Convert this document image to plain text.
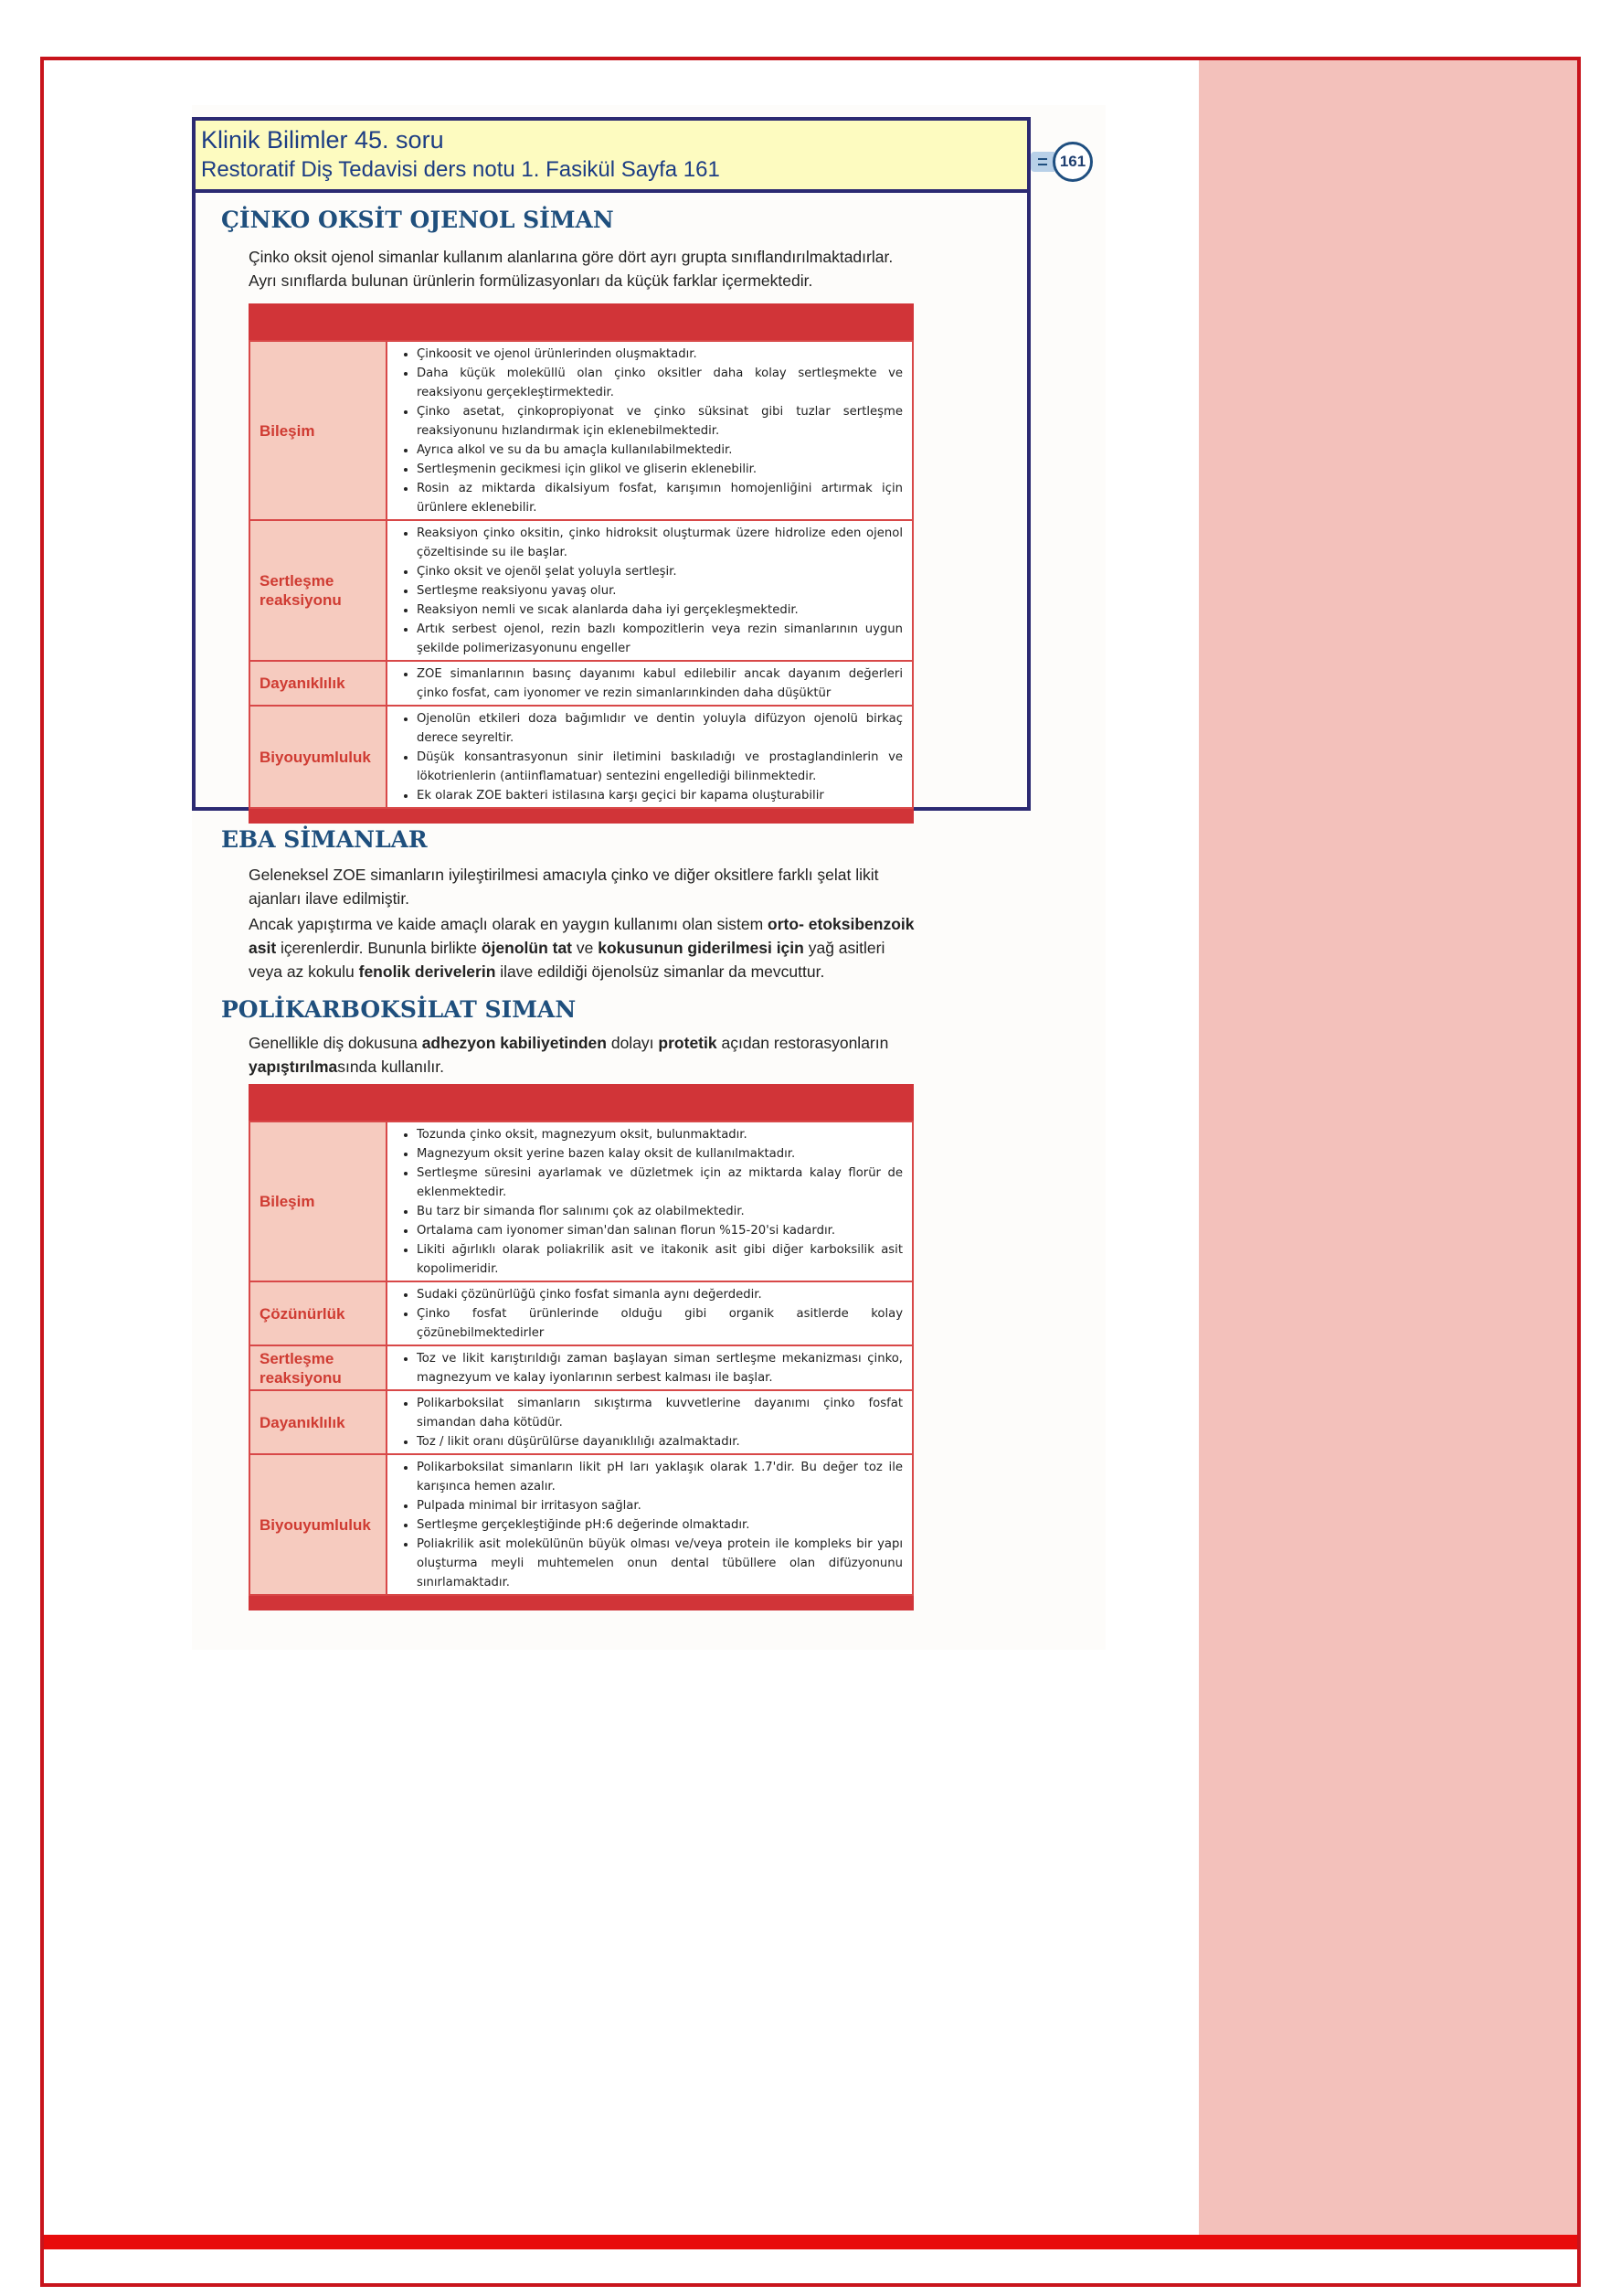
Klinik Bilimler 45. soru
Restoratif Diş Tedavisi ders notu 1. Fasikül Sayfa 161	161
ÇİNKO OKSİT OJENOL SİMAN

Çinko oksit ojenol simanlar kullanım alanlarına göre dört ayrı grupta sınıflandırılmaktadırlar. Ayrı sınıflarda bulunan ürünlerin formülizasyonları da küçük farklar içermektedir.

Bileşim
• Çinkoosit ve ojenol ürünlerinden oluşmaktadır.
• Daha küçük moleküllü olan çinko oksitler daha kolay sertleşmekte ve reaksiyonu gerçekleştirmektedir.
• Çinko asetat, çinkopropiyonat ve çinko süksinat gibi tuzlar sertleşme reaksiyonunu hızlandırmak için eklenebilmektedir.
• Ayrıca alkol ve su da bu amaçla kullanılabilmektedir.
• Sertleşmenin gecikmesi için glikol ve gliserin eklenebilir.
• Rosin az miktarda dikalsiyum fosfat, karışımın homojenliğini artırmak için ürünlere eklenebilir.
Sertleşme reaksiyonu
• Reaksiyon çinko oksitin, çinko hidroksit oluşturmak üzere hidrolize eden ojenol çözeltisinde su ile başlar.
• Çinko oksit ve ojenöl şelat yoluyla sertleşir.
• Sertleşme reaksiyonu yavaş olur.
• Reaksiyon nemli ve sıcak alanlarda daha iyi gerçekleşmektedir.
• Artık serbest ojenol, rezin bazlı kompozitlerin veya rezin simanlarının uygun şekilde polimerizasyonunu engeller
Dayanıklılık
• ZOE simanlarının basınç dayanımı kabul edilebilir ancak dayanım değerleri çinko fosfat, cam iyonomer ve rezin simanlarınkinden daha düşüktür
Biyouyumluluk
• Ojenolün etkileri doza bağımlıdır ve dentin yoluyla difüzyon ojenolü birkaç derece seyreltir.
• Düşük konsantrasyonun sinir iletimini baskıladığı ve prostaglandinlerin ve lökotrienlerin (antiinflamatuar) sentezini engellediği bilinmektedir.
• Ek olarak ZOE bakteri istilasına karşı geçici bir kapama oluşturabilir
EBA SİMANLAR

Geleneksel ZOE simanların iyileştirilmesi amacıyla çinko ve diğer oksitlere farklı şelat likit ajanları ilave edilmiştir.

Ancak yapıştırma ve kaide amaçlı olarak en yaygın kullanımı olan sistem orto- etoksibenzoik asit içerenlerdir. Bununla birlikte öjenolün tat ve kokusunun giderilmesi için yağ asitleri veya az kokulu fenolik derivelerin ilave edildiği öjenolsüz simanlar da mevcuttur.

POLİKARBOKSİLAT SIMAN

Genellikle diş dokusuna adhezyon kabiliyetinden dolayı protetik açıdan restorasyonların yapıştırılmasında kullanılır.

Bileşim
• Tozunda çinko oksit, magnezyum oksit, bulunmaktadır.
• Magnezyum oksit yerine bazen kalay oksit de kullanılmaktadır.
• Sertleşme süresini ayarlamak ve düzletmek için az miktarda kalay florür de eklenmektedir.
• Bu tarz bir simanda flor salınımı çok az olabilmektedir.
• Ortalama cam iyonomer siman'dan salınan florun %15-20'si kadardır.
• Likiti ağırlıklı olarak poliakrilik asit ve itakonik asit gibi diğer karboksilik asit kopolimeridir.
Çözünürlük
• Sudaki çözünürlüğü çinko fosfat simanla aynı değerdedir.
• Çinko fosfat ürünlerinde olduğu gibi organik asitlerde kolay çözünebilmektedirler
Sertleşme reaksiyonu
• Toz ve likit karıştırıldığı zaman başlayan siman sertleşme mekanizması çinko, magnezyum ve kalay iyonlarının serbest kalması ile başlar.
Dayanıklılık
• Polikarboksilat simanların sıkıştırma kuvvetlerine dayanımı çinko fosfat simandan daha kötüdür.
• Toz / likit oranı düşürülürse dayanıklılığı azalmaktadır.
Biyouyumluluk
• Polikarboksilat simanların likit pH ları yaklaşık olarak 1.7'dir. Bu değer toz ile karışınca hemen azalır.
• Pulpada minimal bir irritasyon sağlar.
• Sertleşme gerçekleştiğinde pH:6 değerinde olmaktadır.
• Poliakrilik asit molekülünün büyük olması ve/veya protein ile kompleks bir yapı oluşturma meyli muhtemelen onun dental tübüllere olan difüzyonunu sınırlamaktadır.
